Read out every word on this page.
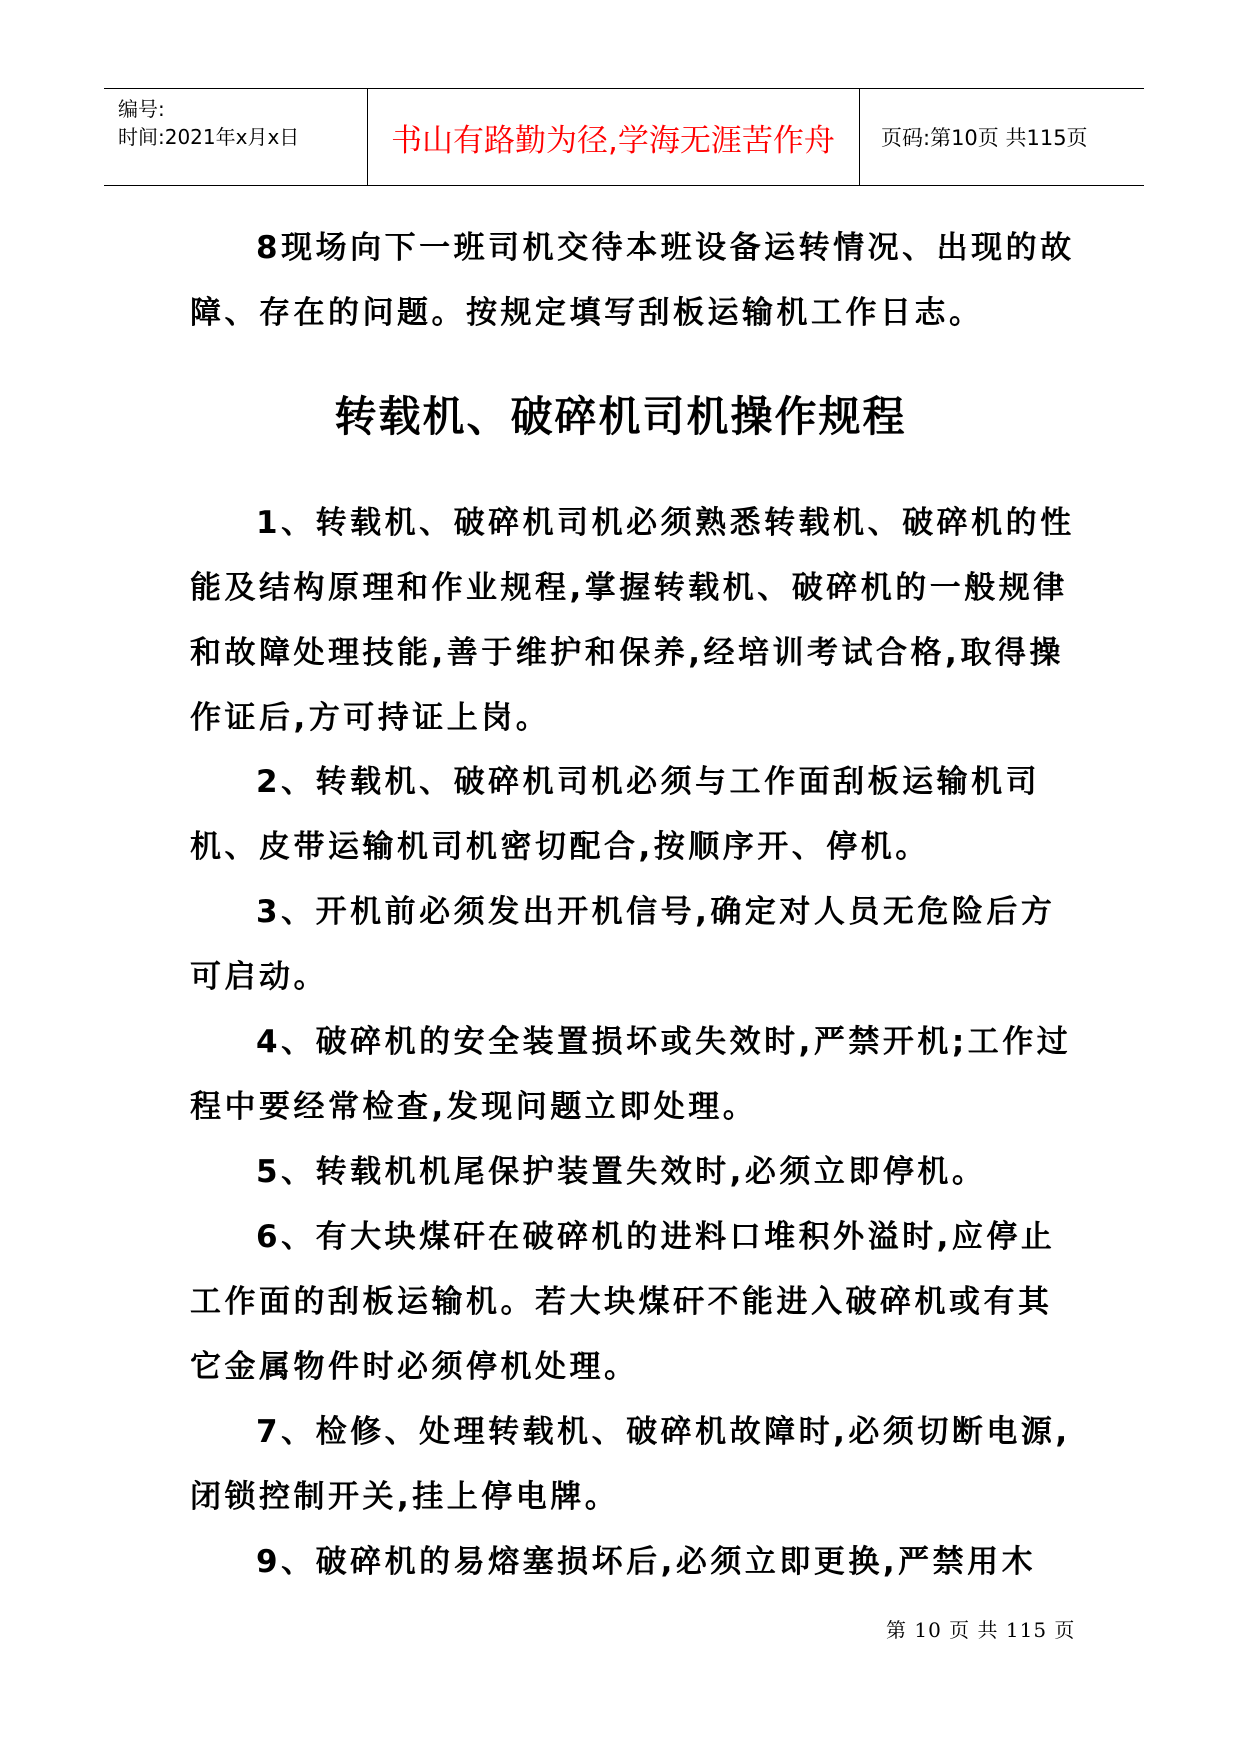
编号:
时间:2021年x月x日	书山有路勤为径,学海无涯苦作舟	页码:第10页 共115页

8现场向下一班司机交待本班设备运转情况、出现的故障、存在的问题。按规定填写刮板运输机工作日志。

转载机、破碎机司机操作规程

1、转载机、破碎机司机必须熟悉转载机、破碎机的性能及结构原理和作业规程,掌握转载机、破碎机的一般规律和故障处理技能,善于维护和保养,经培训考试合格,取得操作证后,方可持证上岗。

2、转载机、破碎机司机必须与工作面刮板运输机司机、皮带运输机司机密切配合,按顺序开、停机。

3、开机前必须发出开机信号,确定对人员无危险后方可启动。

4、破碎机的安全装置损坏或失效时,严禁开机;工作过程中要经常检查,发现问题立即处理。

5、转载机机尾保护装置失效时,必须立即停机。

6、有大块煤矸在破碎机的进料口堆积外溢时,应停止工作面的刮板运输机。若大块煤矸不能进入破碎机或有其它金属物件时必须停机处理。

7、检修、处理转载机、破碎机故障时,必须切断电源,闭锁控制开关,挂上停电牌。

9、破碎机的易熔塞损坏后,必须立即更换,严禁用木

第 10 页 共 115 页
